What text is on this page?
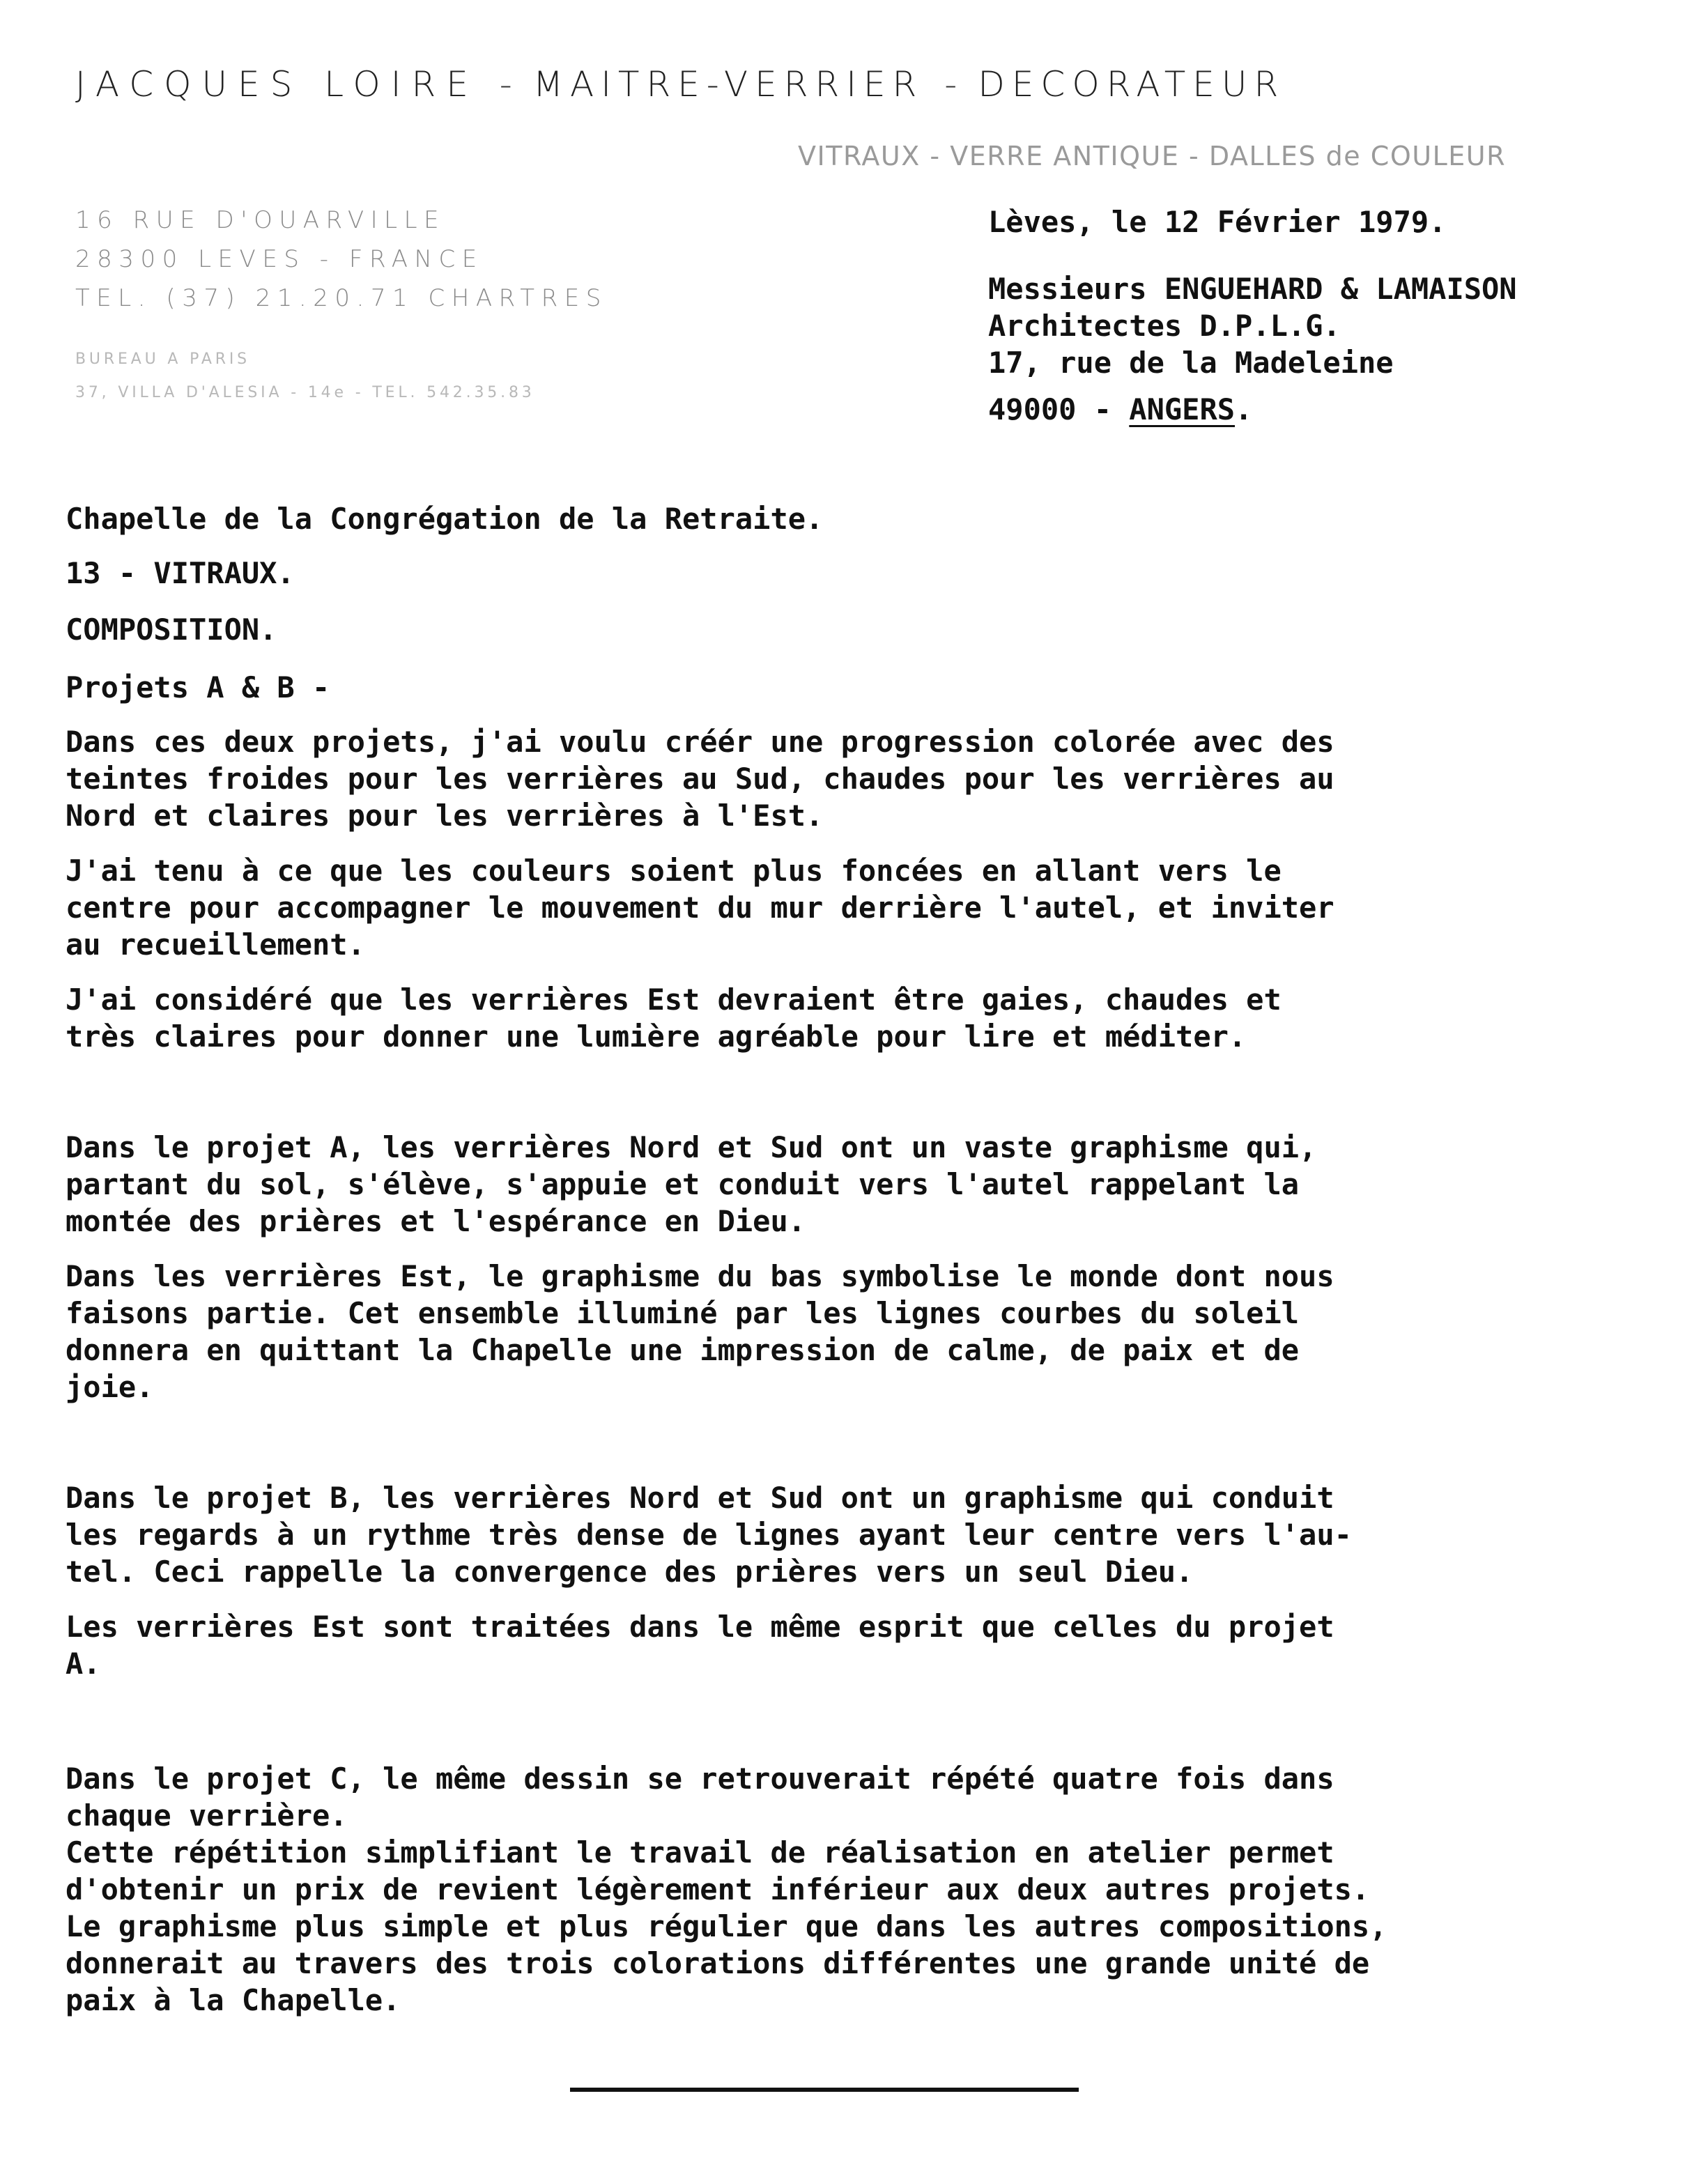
JACQUES LOIRE - MAITRE-VERRIER - DECORATEUR
VITRAUX - VERRE ANTIQUE - DALLES de COULEUR
16 RUE D'OUARVILLE
28300 LEVES - FRANCE
TEL. (37) 21.20.71 CHARTRES
BUREAU A PARIS
37, VILLA D'ALESIA - 14e - TEL. 542.35.83
Lèves, le 12 Février 1979.
Messieurs ENGUEHARD & LAMAISON
Architectes D.P.L.G.
17, rue de la Madeleine
49000 - ANGERS.

Chapelle de la Congrégation de la Retraite.

13 - VITRAUX.

COMPOSITION.

Projets A & B -

Dans ces deux projets, j'ai voulu créér une progression colorée avec des
teintes froides pour les verrières au Sud, chaudes pour les verrières au
Nord et claires pour les verrières à l'Est.

J'ai tenu à ce que les couleurs soient plus foncées en allant vers le
centre pour accompagner le mouvement du mur derrière l'autel, et inviter
au recueillement.

J'ai considéré que les verrières Est devraient être gaies, chaudes et
très claires pour donner une lumière agréable pour lire et méditer.

Dans le projet A, les verrières Nord et Sud ont un vaste graphisme qui,
partant du sol, s'élève, s'appuie et conduit vers l'autel rappelant la
montée des prières et l'espérance en Dieu.

Dans les verrières Est, le graphisme du bas symbolise le monde dont nous
faisons partie. Cet ensemble illuminé par les lignes courbes du soleil
donnera en quittant la Chapelle une impression de calme, de paix et de
joie.

Dans le projet B, les verrières Nord et Sud ont un graphisme qui conduit
les regards à un rythme très dense de lignes ayant leur centre vers l'au-
tel. Ceci rappelle la convergence des prières vers un seul Dieu.

Les verrières Est sont traitées dans le même esprit que celles du projet
A.

Dans le projet C, le même dessin se retrouverait répété quatre fois dans
chaque verrière.
Cette répétition simplifiant le travail de réalisation en atelier permet
d'obtenir un prix de revient légèrement inférieur aux deux autres projets.
Le graphisme plus simple et plus régulier que dans les autres compositions,
donnerait au travers des trois colorations différentes une grande unité de
paix à la Chapelle.
